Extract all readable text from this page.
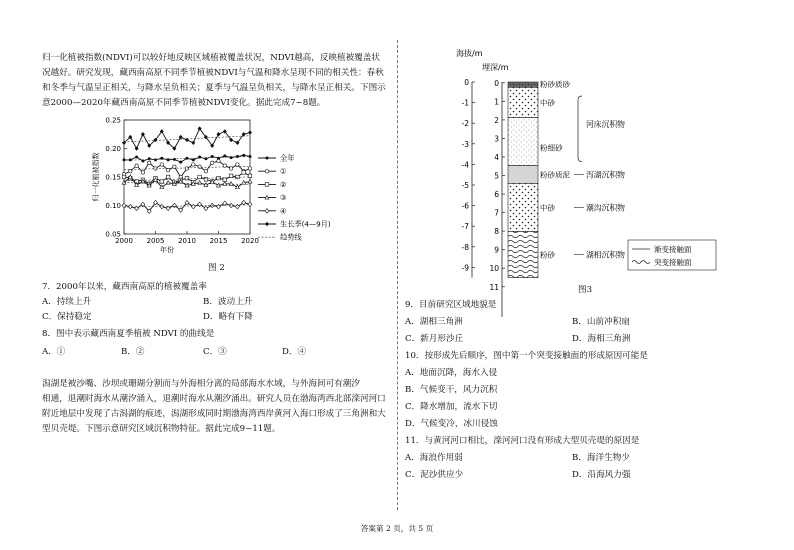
归一化植被指数(NDVI)可以较好地反映区域植被覆盖状况，NDVI越高，反映植被覆盖状
况越好。研究发现，藏西南高原不同季节植被NDVI与气温和降水呈现不同的相关性：春秋
和冬季与气温呈正相关，与降水呈负相关；夏季与气温呈负相关，与降水呈正相关。下图示
意2000—2020年藏西南高原不同季节植被NDVI变化。据此完成7~8题。
0.05
0.10
0.15
0.20
0.25
2000 2005 2010 2015 2020
年份
归一化植被指数	全年
①
②
③
④
生长季(4—9月)
趋势线
图 2
7．2000年以来，藏西南高原的植被覆盖率
A．持续上升	B．波动上升
C．保持稳定	D．略有下降
8．图中表示藏西南夏季植被 NDVI 的曲线是
A．①	B．②	C．③	D．④
潟湖是被沙嘴、沙坝或珊瑚分割而与外海相分离的局部海水水域，与外海间可有潮汐
相通，退潮时海水从潮汐涌入，退潮时海水从潮汐涌出。研究人员在渤海湾西北部滦河河口
附近地层中发现了古潟湖的痕迹，潟湖形成同时期渤海湾西岸黄河入海口形成了三角洲和大
型贝壳堤。下图示意研究区域沉积物特征。据此完成9~11题。
海拔/m
埋深/m
0
-1
-2
-3
-4
-5
-6
-7
-8
-9
0
1
2
3
4
5
6
7
8
9
10
11
粉砂质砂
中砂
粉细砂
粉砂质泥
中砂
粉砂
河床沉积物
泻湖沉积物
潮沟沉积物
湖相沉积物
渐变接触面
突变接触面
图3
9．目前研究区域地貌是
A．湖相三角洲	B．山前冲积扇
C．新月形沙丘	D．海相三角洲
10．按形成先后顺序，图中第一个突变接触面的形成原因可能是
A．地面沉降，海水入侵
B．气候变干，风力沉积
C．降水增加，流水下切
D．气候变冷，冰川侵蚀
11．与黄河河口相比，滦河河口没有形成大型贝壳堤的原因是
A．海浪作用弱	B．海洋生物少
C．泥沙供应少	D．沿海风力强
答案第 2 页，共 5 页
